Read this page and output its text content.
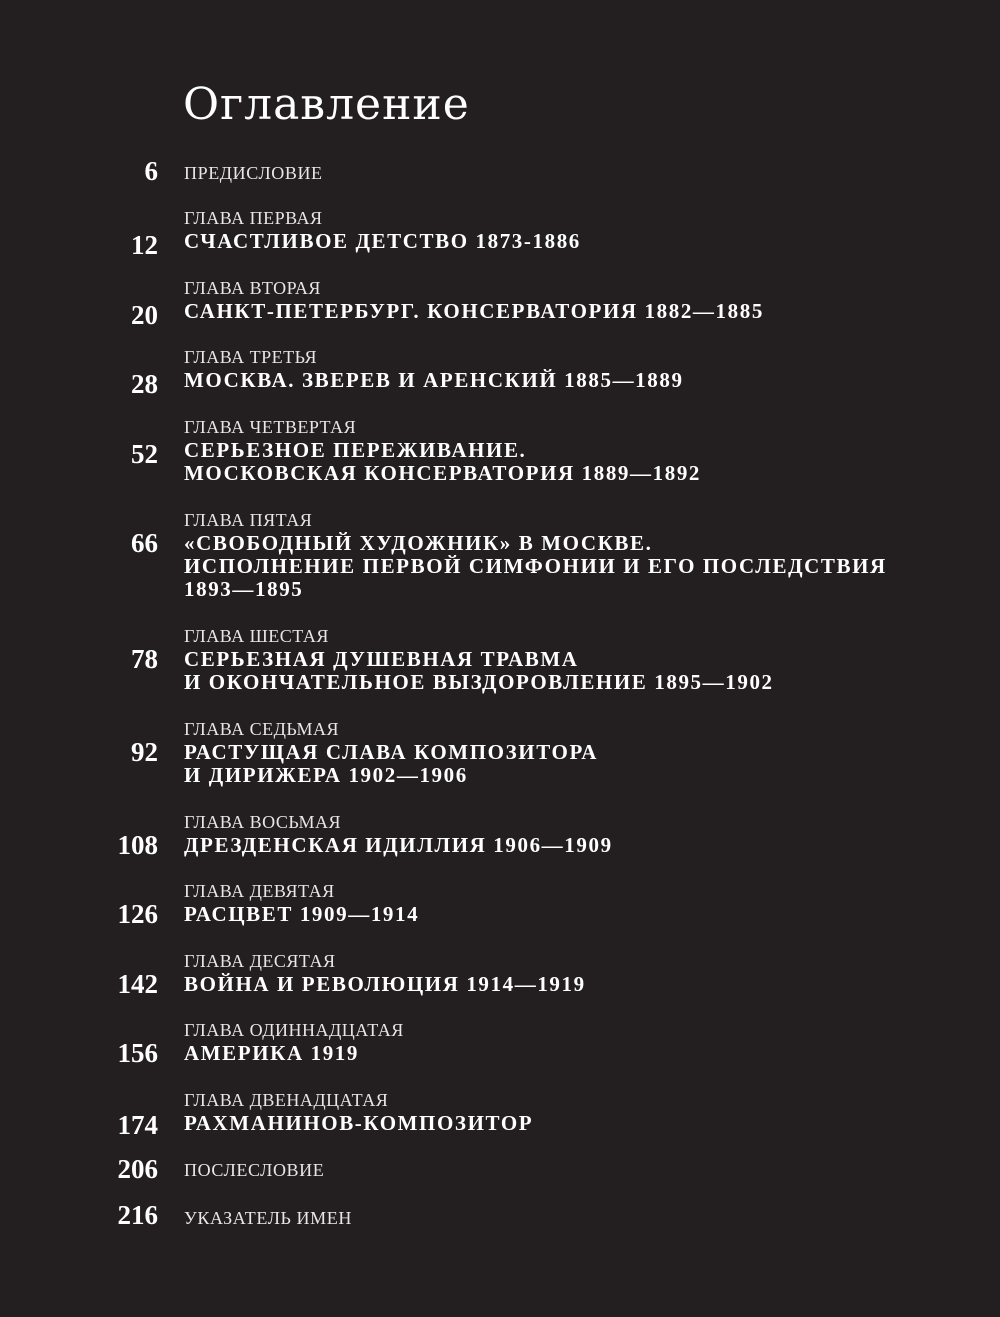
Оглавление
6 ПРЕДИСЛОВИЕ
12
ГЛАВА ПЕРВАЯ
СЧАСТЛИВОЕ ДЕТСТВО 1873-1886
20
ГЛАВА ВТОРАЯ
САНКТ-ПЕТЕРБУРГ. КОНСЕРВАТОРИЯ 1882—1885
28
ГЛАВА ТРЕТЬЯ
МОСКВА. ЗВЕРЕВ И АРЕНСКИЙ 1885—1889
52
ГЛАВА ЧЕТВЕРТАЯ
СЕРЬЕЗНОЕ ПЕРЕЖИВАНИЕ.
МОСКОВСКАЯ КОНСЕРВАТОРИЯ 1889—1892
66
ГЛАВА ПЯТАЯ
«СВОБОДНЫЙ ХУДОЖНИК» В МОСКВЕ.
ИСПОЛНЕНИЕ ПЕРВОЙ СИМФОНИИ И ЕГО ПОСЛЕДСТВИЯ
1893—1895
78
ГЛАВА ШЕСТАЯ
СЕРЬЕЗНАЯ ДУШЕВНАЯ ТРАВМА
И ОКОНЧАТЕЛЬНОЕ ВЫЗДОРОВЛЕНИЕ 1895—1902
92
ГЛАВА СЕДЬМАЯ
РАСТУЩАЯ СЛАВА КОМПОЗИТОРА
И ДИРИЖЕРА 1902—1906
108
ГЛАВА ВОСЬМАЯ
ДРЕЗДЕНСКАЯ ИДИЛЛИЯ 1906—1909
126
ГЛАВА ДЕВЯТАЯ
РАСЦВЕТ 1909—1914
142
ГЛАВА ДЕСЯТАЯ
ВОЙНА И РЕВОЛЮЦИЯ 1914—1919
156
ГЛАВА ОДИННАДЦАТАЯ
АМЕРИКА 1919
174
ГЛАВА ДВЕНАДЦАТАЯ
РАХМАНИНОВ-КОМПОЗИТОР
206 ПОСЛЕСЛОВИЕ
216 УКАЗАТЕЛЬ ИМЕН
